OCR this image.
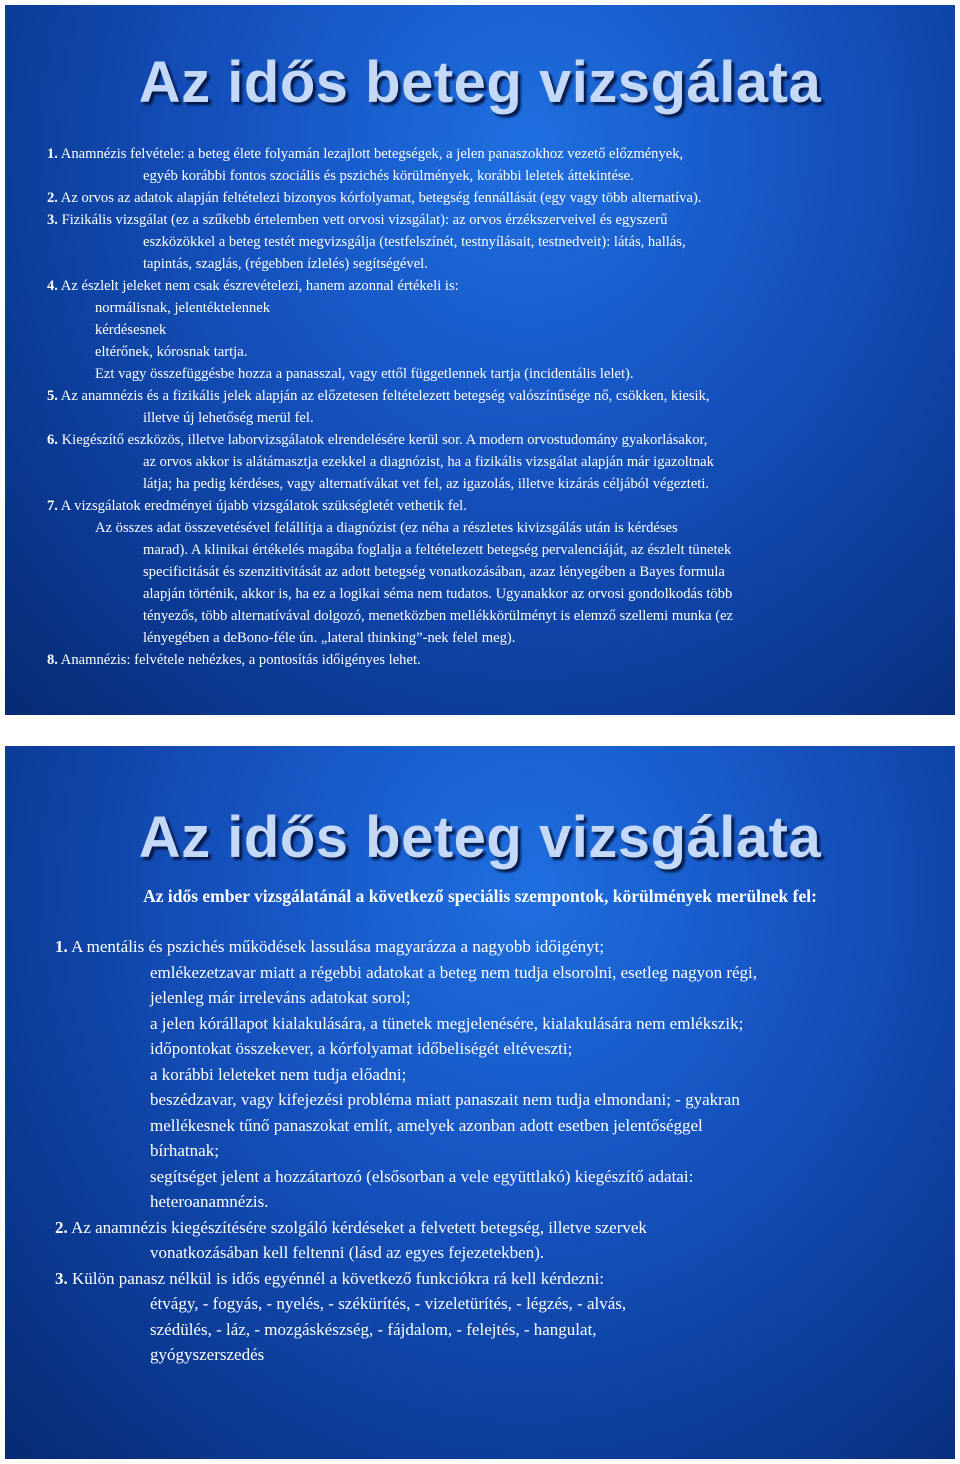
Az idős beteg vizsgálata
1. Anamnézis felvétele: a beteg élete folyamán lezajlott betegségek, a jelen panaszokhoz vezető előzmények,
egyéb korábbi fontos szociális és pszichés körülmények, korábbi leletek áttekintése.
2. Az orvos az adatok alapján feltételezi bizonyos kórfolyamat, betegség fennállását (egy vagy több alternatíva).
3. Fizikális vizsgálat (ez a szűkebb értelemben vett orvosi vizsgálat): az orvos érzékszerveivel és egyszerű
eszközökkel a beteg testét megvizsgálja (testfelszínét, testnyílásait, testnedveit): látás, hallás,
tapintás, szaglás, (régebben ízlelés) segítségével.
4. Az észlelt jeleket nem csak észrevételezi, hanem azonnal értékeli is:
normálisnak, jelentéktelennek
kérdésesnek
eltérőnek, kórosnak tartja.
Ezt vagy összefüggésbe hozza a panasszal, vagy ettől függetlennek tartja (incidentális lelet).
5. Az anamnézis és a fizikális jelek alapján az előzetesen feltételezett betegség valószínűsége nő, csökken, kiesik,
illetve új lehetőség merül fel.
6. Kiegészítő eszközös, illetve laborvizsgálatok elrendelésére kerül sor. A modern orvostudomány gyakorlásakor,
az orvos akkor is alátámasztja ezekkel a diagnózist, ha a fizikális vizsgálat alapján már igazoltnak
látja; ha pedig kérdéses, vagy alternatívákat vet fel, az igazolás, illetve kizárás céljából végezteti.
7. A vizsgálatok eredményei újabb vizsgálatok szükségletét vethetik fel.
Az összes adat összevetésével felállítja a diagnózist (ez néha a részletes kivizsgálás után is kérdéses
marad). A klinikai értékelés magába foglalja a feltételezett betegség pervalenciáját, az észlelt tünetek
specificitását és szenzitivitását az adott betegség vonatkozásában, azaz lényegében a Bayes formula
alapján történik, akkor is, ha ez a logikai séma nem tudatos. Ugyanakkor az orvosi gondolkodás több
tényezős, több alternatívával dolgozó, menetközben mellékkörülményt is elemző szellemi munka (ez
lényegében a deBono-féle ún. „lateral thinking”-nek felel meg).
8. Anamnézis: felvétele nehézkes, a pontosítás időigényes lehet.
Az idős beteg vizsgálata
Az idős ember vizsgálatánál a következő speciális szempontok, körülmények merülnek fel:
1. A mentális és pszichés működések lassulása magyarázza a nagyobb időigényt;
emlékezetzavar miatt a régebbi adatokat a beteg nem tudja elsorolni, esetleg nagyon régi,
jelenleg már irreleváns adatokat sorol;
a jelen kórállapot kialakulására, a tünetek megjelenésére, kialakulására nem emlékszik;
időpontokat összekever, a kórfolyamat időbeliségét eltéveszti;
a korábbi leleteket nem tudja előadni;
beszédzavar, vagy kifejezési probléma miatt panaszait nem tudja elmondani; - gyakran
mellékesnek tűnő panaszokat említ, amelyek azonban adott esetben jelentőséggel
bírhatnak;
segítséget jelent a hozzátartozó (elsősorban a vele együttlakó) kiegészítő adatai:
heteroanamnézis.
2. Az anamnézis kiegészítésére szolgáló kérdéseket a felvetett betegség, illetve szervek
vonatkozásában kell feltenni (lásd az egyes fejezetekben).
3. Külön panasz nélkül is idős egyénnél a következő funkciókra rá kell kérdezni:
étvágy, - fogyás, - nyelés, - székürítés, - vizeletürítés, - légzés, - alvás,
szédülés, - láz, - mozgáskészség, - fájdalom, - felejtés, - hangulat,
gyógyszerszedés
